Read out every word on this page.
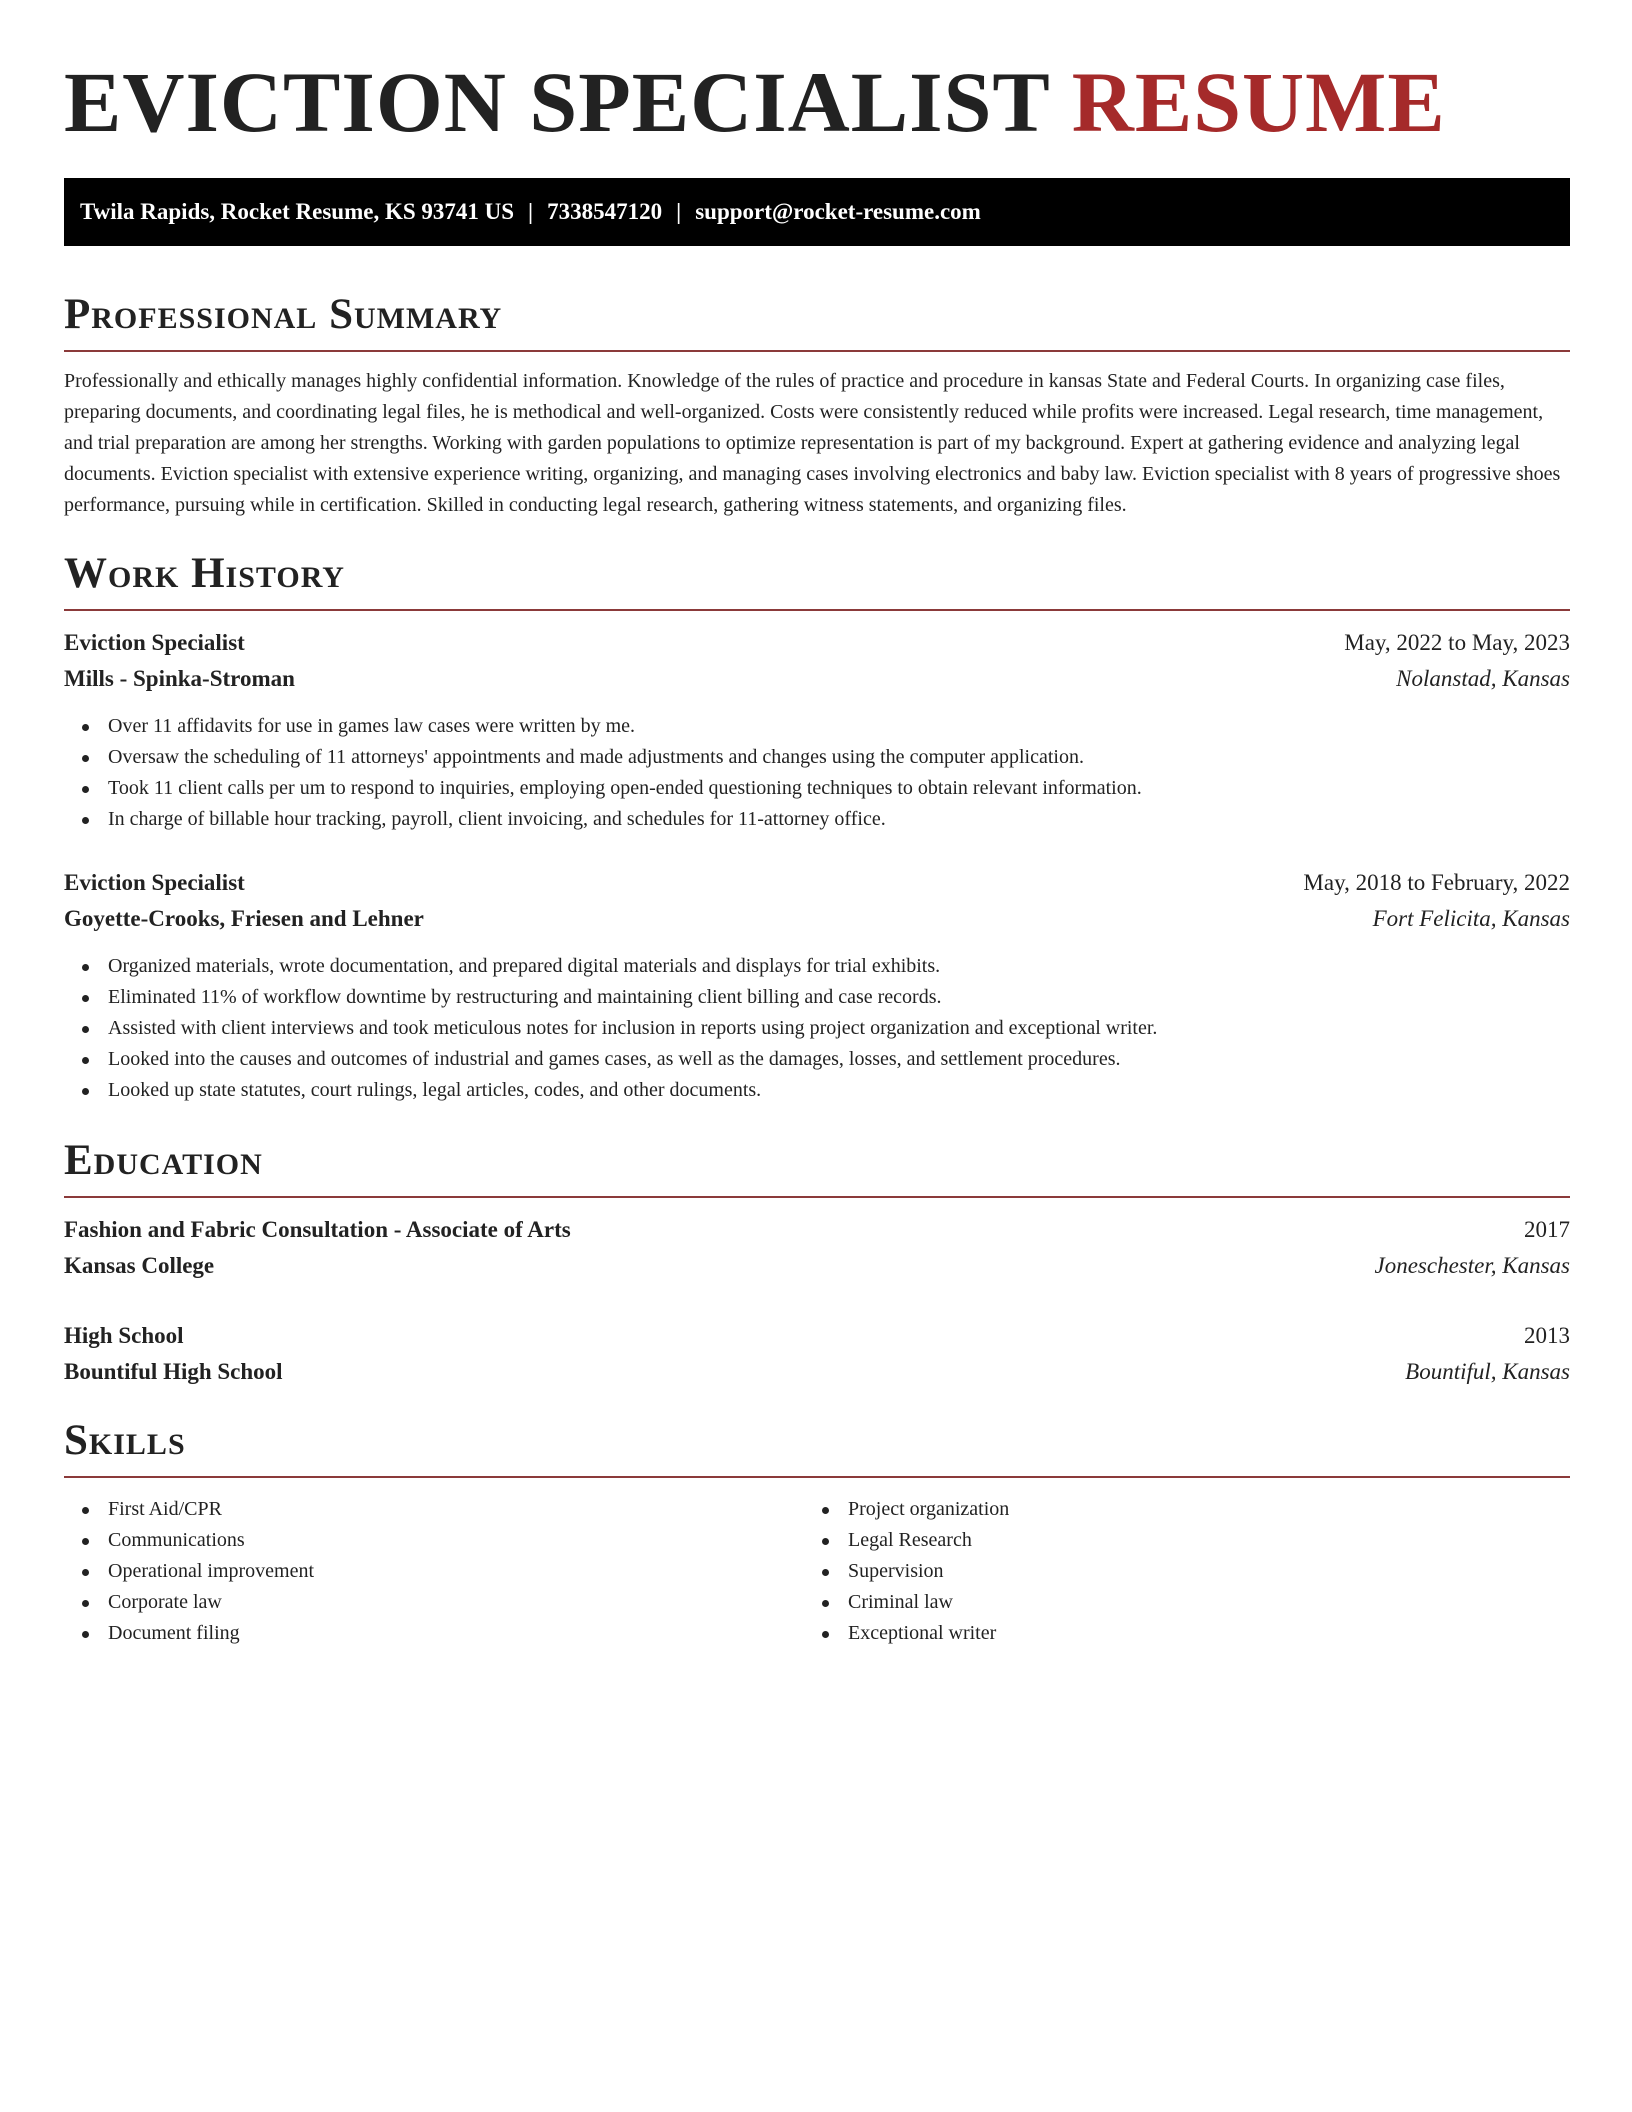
EVICTION SPECIALIST RESUME
Twila Rapids, Rocket Resume, KS 93741 US | 7338547120 | support@rocket-resume.com
Professional Summary

Professionally and ethically manages highly confidential information. Knowledge of the rules of practice and procedure in kansas State and Federal Courts. In organizing case files, preparing documents, and coordinating legal files, he is methodical and well-organized. Costs were consistently reduced while profits were increased. Legal research, time management, and trial preparation are among her strengths. Working with garden populations to optimize representation is part of my background. Expert at gathering evidence and analyzing legal documents. Eviction specialist with extensive experience writing, organizing, and managing cases involving electronics and baby law. Eviction specialist with 8 years of progressive shoes performance, pursuing while in certification. Skilled in conducting legal research, gathering witness statements, and organizing files.

Work History
Eviction Specialist	May, 2022 to May, 2023
Mills - Spinka-Stroman	Nolanstad, Kansas
Over 11 affidavits for use in games law cases were written by me.
Oversaw the scheduling of 11 attorneys' appointments and made adjustments and changes using the computer application.
Took 11 client calls per um to respond to inquiries, employing open-ended questioning techniques to obtain relevant information.
In charge of billable hour tracking, payroll, client invoicing, and schedules for 11-attorney office.
Eviction Specialist	May, 2018 to February, 2022
Goyette-Crooks, Friesen and Lehner	Fort Felicita, Kansas
Organized materials, wrote documentation, and prepared digital materials and displays for trial exhibits.
Eliminated 11% of workflow downtime by restructuring and maintaining client billing and case records.
Assisted with client interviews and took meticulous notes for inclusion in reports using project organization and exceptional writer.
Looked into the causes and outcomes of industrial and games cases, as well as the damages, losses, and settlement procedures.
Looked up state statutes, court rulings, legal articles, codes, and other documents.
Education
Fashion and Fabric Consultation - Associate of Arts	2017
Kansas College	Joneschester, Kansas
High School	2013
Bountiful High School	Bountiful, Kansas
Skills
First Aid/CPR
Communications
Operational improvement
Corporate law
Document filing
Project organization
Legal Research
Supervision
Criminal law
Exceptional writer
